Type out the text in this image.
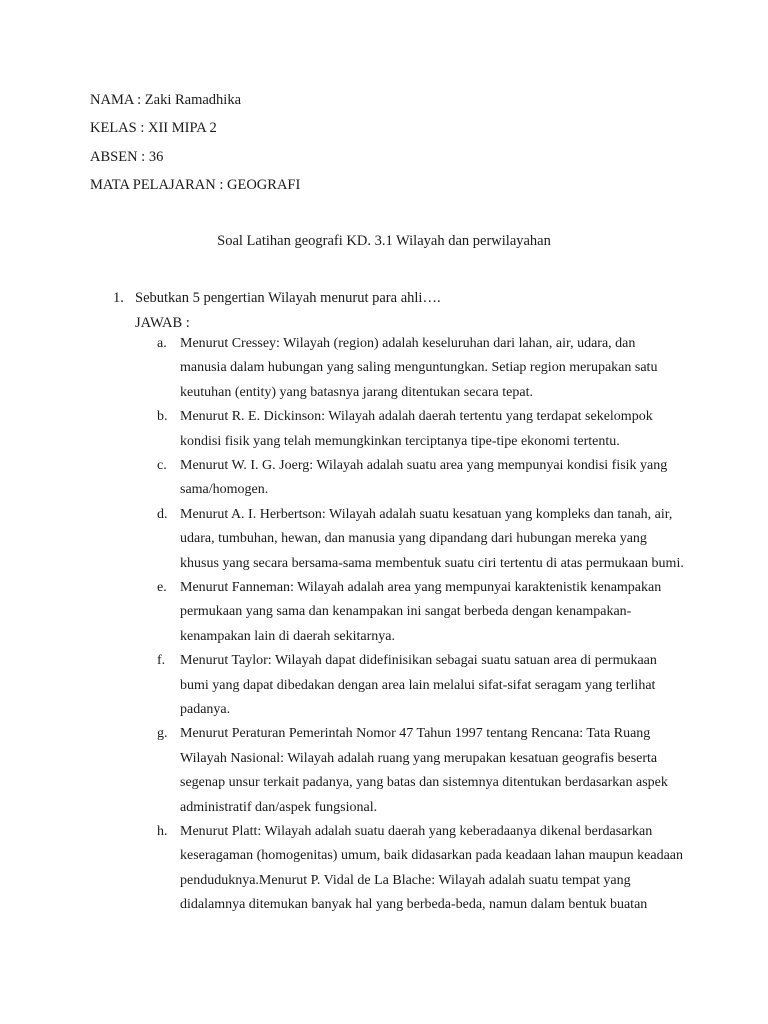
NAMA : Zaki Ramadhika
KELAS : XII MIPA 2
ABSEN : 36
MATA PELAJARAN : GEOGRAFI
Soal Latihan geografi KD. 3.1 Wilayah dan perwilayahan
1. Sebutkan 5 pengertian Wilayah menurut para ahli….
JAWAB :
a. Menurut Cressey: Wilayah (region) adalah keseluruhan dari lahan, air, udara, dan
manusia dalam hubungan yang saling menguntungkan. Setiap region merupakan satu
keutuhan (entity) yang batasnya jarang ditentukan secara tepat.
b. Menurut R. E. Dickinson: Wilayah adalah daerah tertentu yang terdapat sekelompok
kondisi fisik yang telah memungkinkan terciptanya tipe-tipe ekonomi tertentu.
c. Menurut W. I. G. Joerg: Wilayah adalah suatu area yang mempunyai kondisi fisik yang
sama/homogen.
d. Menurut A. I. Herbertson: Wilayah adalah suatu kesatuan yang kompleks dan tanah, air,
udara, tumbuhan, hewan, dan manusia yang dipandang dari hubungan mereka yang
khusus yang secara bersama-sama membentuk suatu ciri tertentu di atas permukaan bumi.
e. Menurut Fanneman: Wilayah adalah area yang mempunyai karaktenistik kenampakan
permukaan yang sama dan kenampakan ini sangat berbeda dengan kenampakan-
kenampakan lain di daerah sekitarnya.
f. Menurut Taylor: Wilayah dapat didefinisikan sebagai suatu satuan area di permukaan
bumi yang dapat dibedakan dengan area lain melalui sifat-sifat seragam yang terlihat
padanya.
g. Menurut Peraturan Pemerintah Nomor 47 Tahun 1997 tentang Rencana: Tata Ruang
Wilayah Nasional: Wilayah adalah ruang yang merupakan kesatuan geografis beserta
segenap unsur terkait padanya, yang batas dan sistemnya ditentukan berdasarkan aspek
administratif dan/aspek fungsional.
h. Menurut Platt: Wilayah adalah suatu daerah yang keberadaanya dikenal berdasarkan
keseragaman (homogenitas) umum, baik didasarkan pada keadaan lahan maupun keadaan
penduduknya.Menurut P. Vidal de La Blache: Wilayah adalah suatu tempat yang
didalamnya ditemukan banyak hal yang berbeda-beda, namun dalam bentuk buatan
